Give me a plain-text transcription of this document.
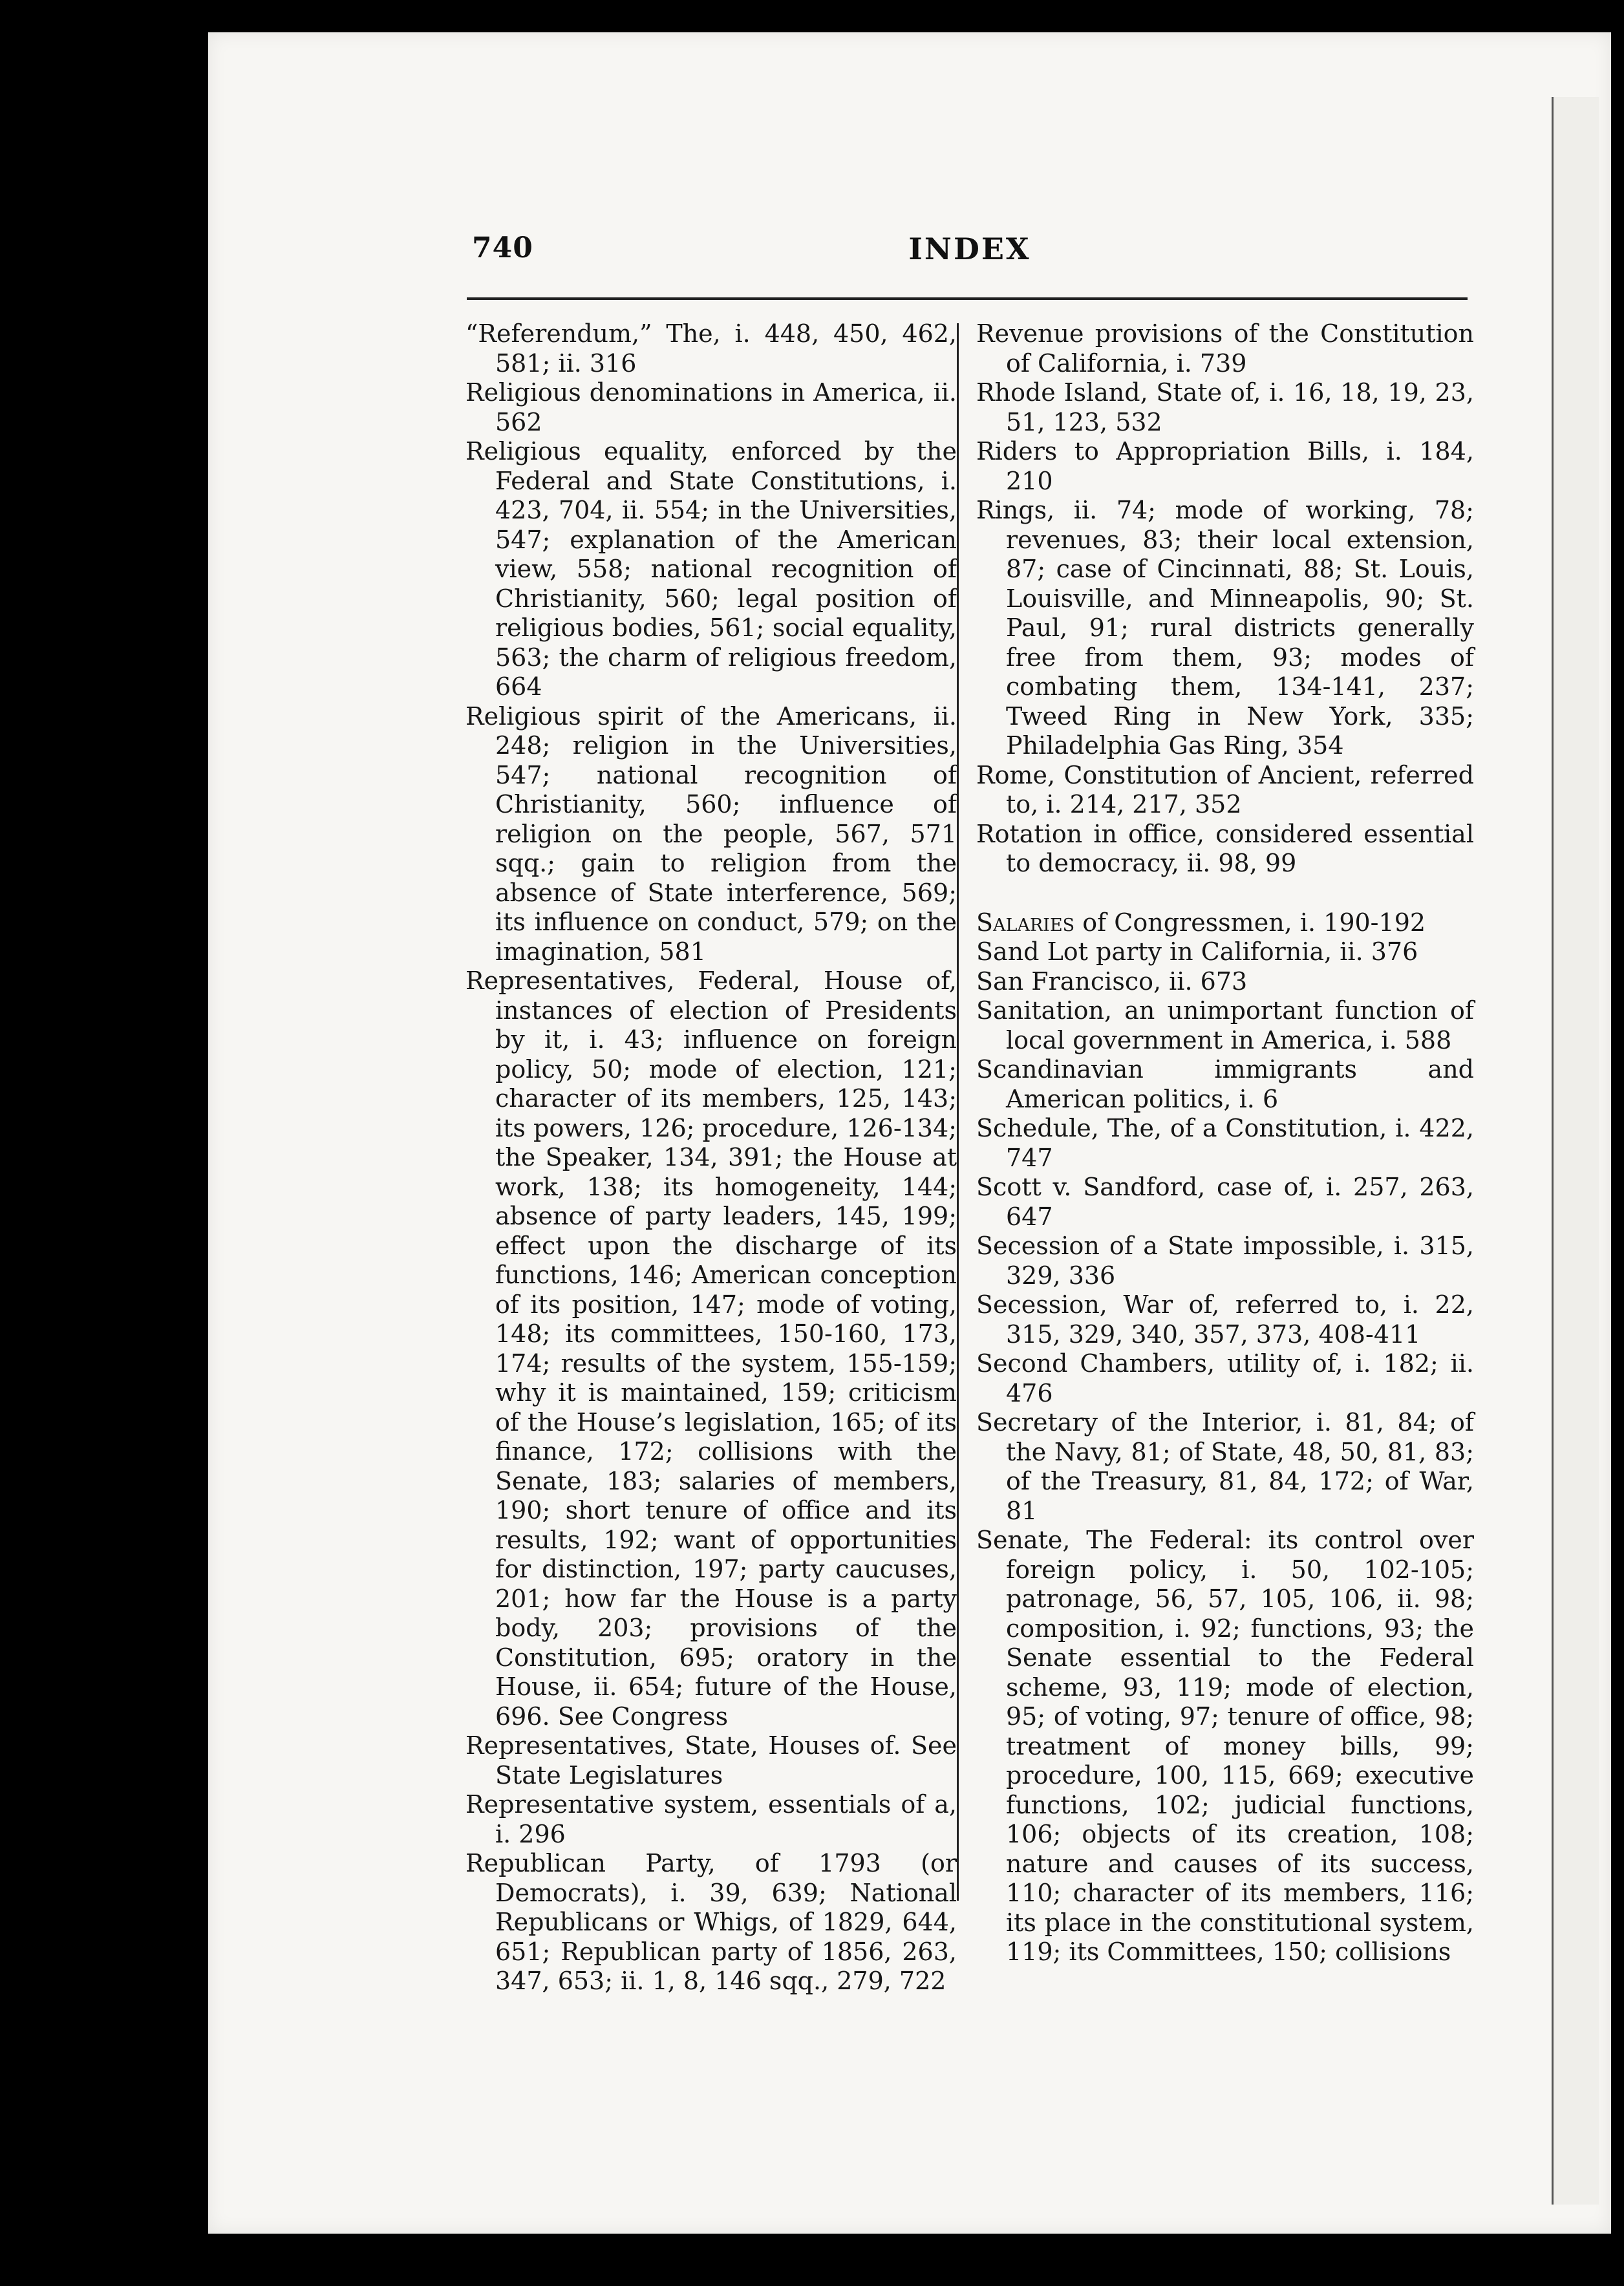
740	INDEX

“Referendum,” The, i. 448, 450, 462, 581; ii. 316

Religious denominations in America, ii. 562

Religious equality, enforced by the Federal and State Constitutions, i. 423, 704, ii. 554; in the Universities, 547; explanation of the American view, 558; national recognition of Christianity, 560; legal position of religious bodies, 561; social equality, 563; the charm of religious freedom, 664

Religious spirit of the Americans, ii. 248; religion in the Universities, 547; national recognition of Christianity, 560; influence of religion on the people, 567, 571 sqq.; gain to religion from the absence of State interference, 569; its influence on conduct, 579; on the imagination, 581

Representatives, Federal, House of, instances of election of Presidents by it, i. 43; influence on foreign policy, 50; mode of election, 121; character of its members, 125, 143; its powers, 126; procedure, 126-134; the Speaker, 134, 391; the House at work, 138; its homogeneity, 144; absence of party leaders, 145, 199; effect upon the discharge of its functions, 146; American conception of its position, 147; mode of voting, 148; its committees, 150-160, 173, 174; results of the system, 155-159; why it is maintained, 159; criticism of the House’s legislation, 165; of its finance, 172; collisions with the Senate, 183; salaries of members, 190; short tenure of office and its results, 192; want of opportunities for distinction, 197; party caucuses, 201; how far the House is a party body, 203; provisions of the Constitution, 695; oratory in the House, ii. 654; future of the House, 696. See Congress

Representatives, State, Houses of. See State Legislatures

Representative system, essentials of a, i. 296

Republican Party, of 1793 (or Democrats), i. 39, 639; National Republicans or Whigs, of 1829, 644, 651; Republican party of 1856, 263, 347, 653; ii. 1, 8, 146 sqq., 279, 722

Revenue provisions of the Constitution of California, i. 739

Rhode Island, State of, i. 16, 18, 19, 23, 51, 123, 532

Riders to Appropriation Bills, i. 184, 210

Rings, ii. 74; mode of working, 78; revenues, 83; their local extension, 87; case of Cincinnati, 88; St. Louis, Louisville, and Minneapolis, 90; St. Paul, 91; rural districts generally free from them, 93; modes of combating them, 134-141, 237; Tweed Ring in New York, 335; Philadelphia Gas Ring, 354

Rome, Constitution of Ancient, referred to, i. 214, 217, 352

Rotation in office, considered essential to democracy, ii. 98, 99

Salaries of Congressmen, i. 190-192

Sand Lot party in California, ii. 376

San Francisco, ii. 673

Sanitation, an unimportant function of local government in America, i. 588

Scandinavian immigrants and American politics, i. 6

Schedule, The, of a Constitution, i. 422, 747

Scott v. Sandford, case of, i. 257, 263, 647

Secession of a State impossible, i. 315, 329, 336

Secession, War of, referred to, i. 22, 315, 329, 340, 357, 373, 408-411

Second Chambers, utility of, i. 182; ii. 476

Secretary of the Interior, i. 81, 84; of the Navy, 81; of State, 48, 50, 81, 83; of the Treasury, 81, 84, 172; of War, 81

Senate, The Federal: its control over foreign policy, i. 50, 102-105; patronage, 56, 57, 105, 106, ii. 98; composition, i. 92; functions, 93; the Senate essential to the Federal scheme, 93, 119; mode of election, 95; of voting, 97; tenure of office, 98; treatment of money bills, 99; procedure, 100, 115, 669; executive functions, 102; judicial functions, 106; objects of its creation, 108; nature and causes of its success, 110; character of its members, 116; its place in the constitutional system, 119; its Committees, 150; collisions
